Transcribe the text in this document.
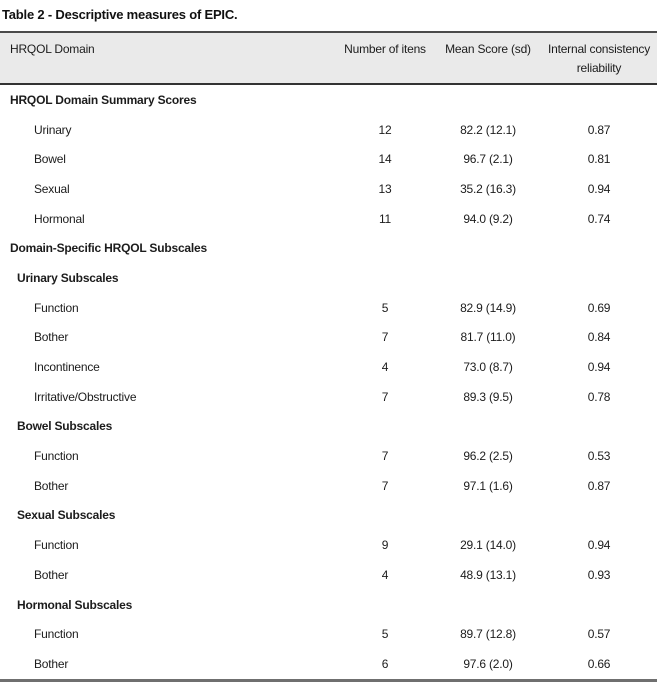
Table 2 - Descriptive measures of EPIC.
HRQOL Domain	Number of itens	Mean Score (sd)	Internal consistency reliability
HRQOL Domain Summary Scores
Urinary	12	82.2 (12.1)	0.87
Bowel	14	96.7 (2.1)	0.81
Sexual	13	35.2 (16.3)	0.94
Hormonal	11	94.0 (9.2)	0.74
Domain-Specific HRQOL Subscales
Urinary Subscales
Function	5	82.9 (14.9)	0.69
Bother	7	81.7 (11.0)	0.84
Incontinence	4	73.0 (8.7)	0.94
Irritative/Obstructive	7	89.3 (9.5)	0.78
Bowel Subscales
Function	7	96.2 (2.5)	0.53
Bother	7	97.1 (1.6)	0.87
Sexual Subscales
Function	9	29.1 (14.0)	0.94
Bother	4	48.9 (13.1)	0.93
Hormonal Subscales
Function	5	89.7 (12.8)	0.57
Bother	6	97.6 (2.0)	0.66
